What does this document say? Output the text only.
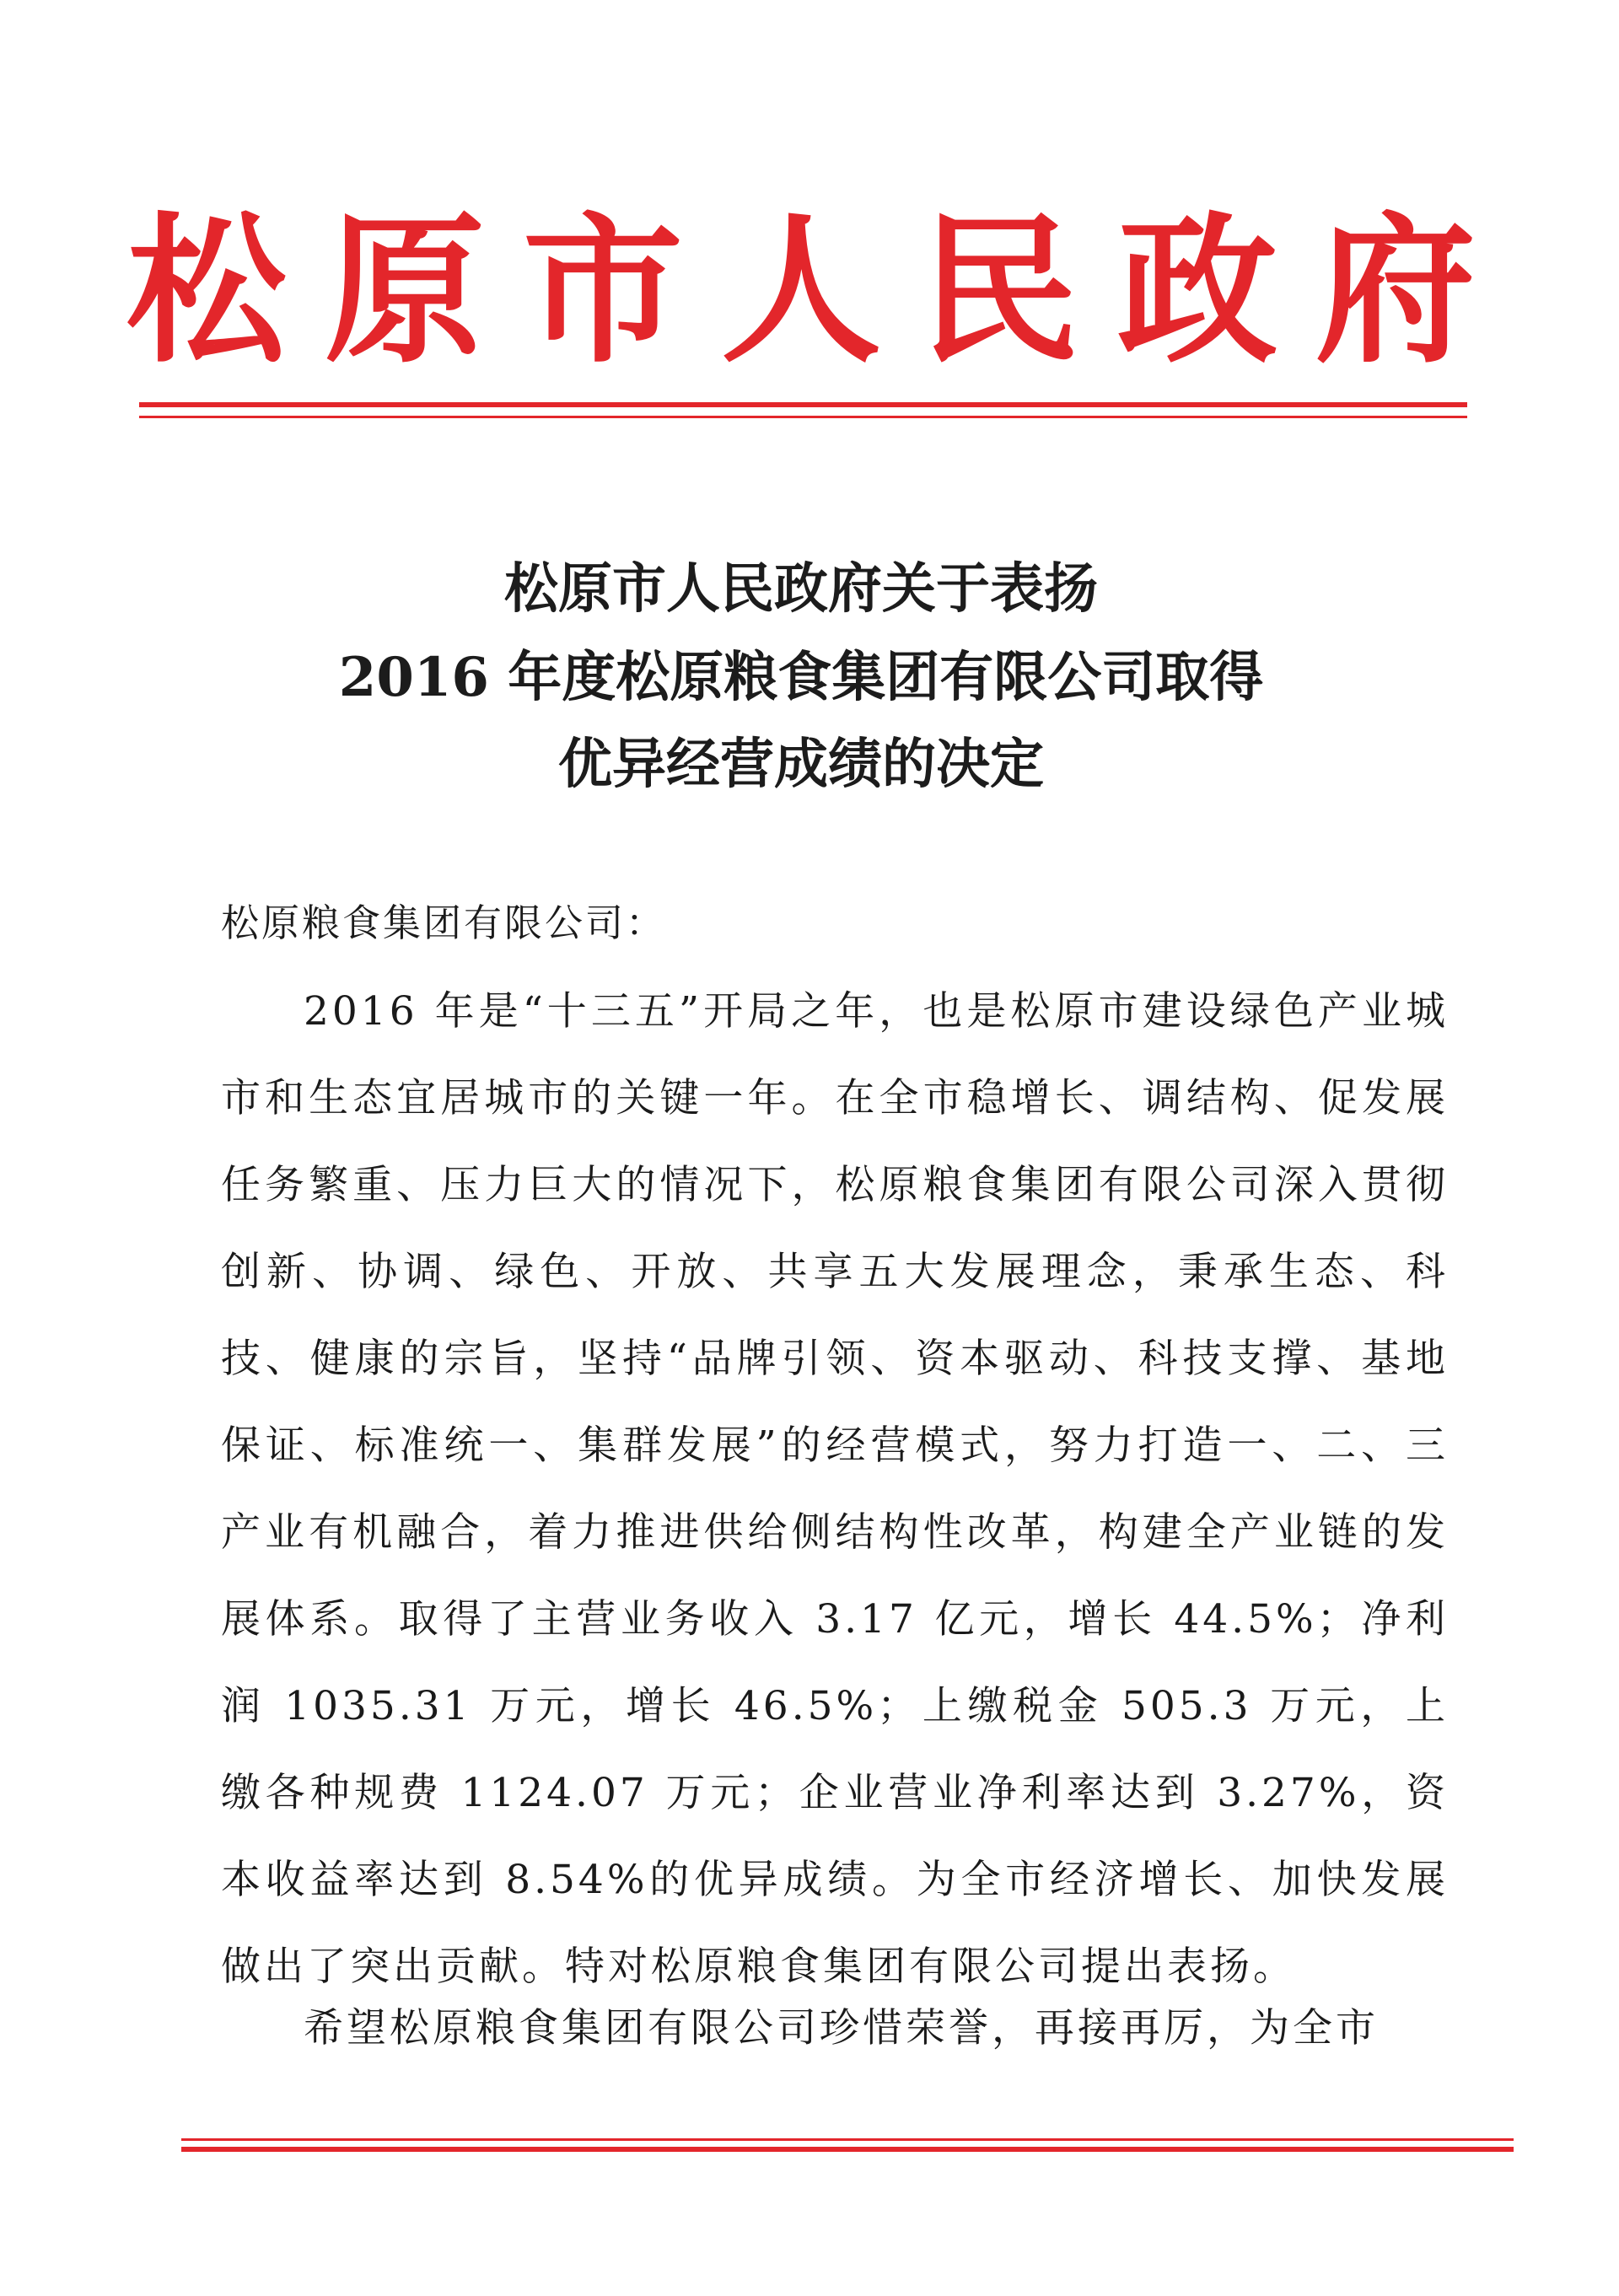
松 原 市 人 民 政 府
松原市人民政府关于表扬
2016 年度松原粮食集团有限公司取得
优异经营成绩的决定
松原粮食集团有限公司：

2016 年是“十三五”开局之年，也是松原市建设绿色产业城市和生态宜居城市的关键一年。在全市稳增长、调结构、促发展任务繁重、压力巨大的情况下，松原粮食集团有限公司深入贯彻创新、协调、绿色、开放、共享五大发展理念，秉承生态、科技、健康的宗旨，坚持“品牌引领、资本驱动、科技支撑、基地保证、标准统一、集群发展”的经营模式，努力打造一、二、三产业有机融合，着力推进供给侧结构性改革，构建全产业链的发展体系。取得了主营业务收入 3.17 亿元，增长 44.5%；净利润 1035.31 万元，增长 46.5%；上缴税金 505.3 万元，上缴各种规费 1124.07 万元；企业营业净利率达到 3.27%，资本收益率达到 8.54%的优异成绩。为全市经济增长、加快发展做出了突出贡献。特对松原粮食集团有限公司提出表扬。

希望松原粮食集团有限公司珍惜荣誉，再接再厉，为全市
